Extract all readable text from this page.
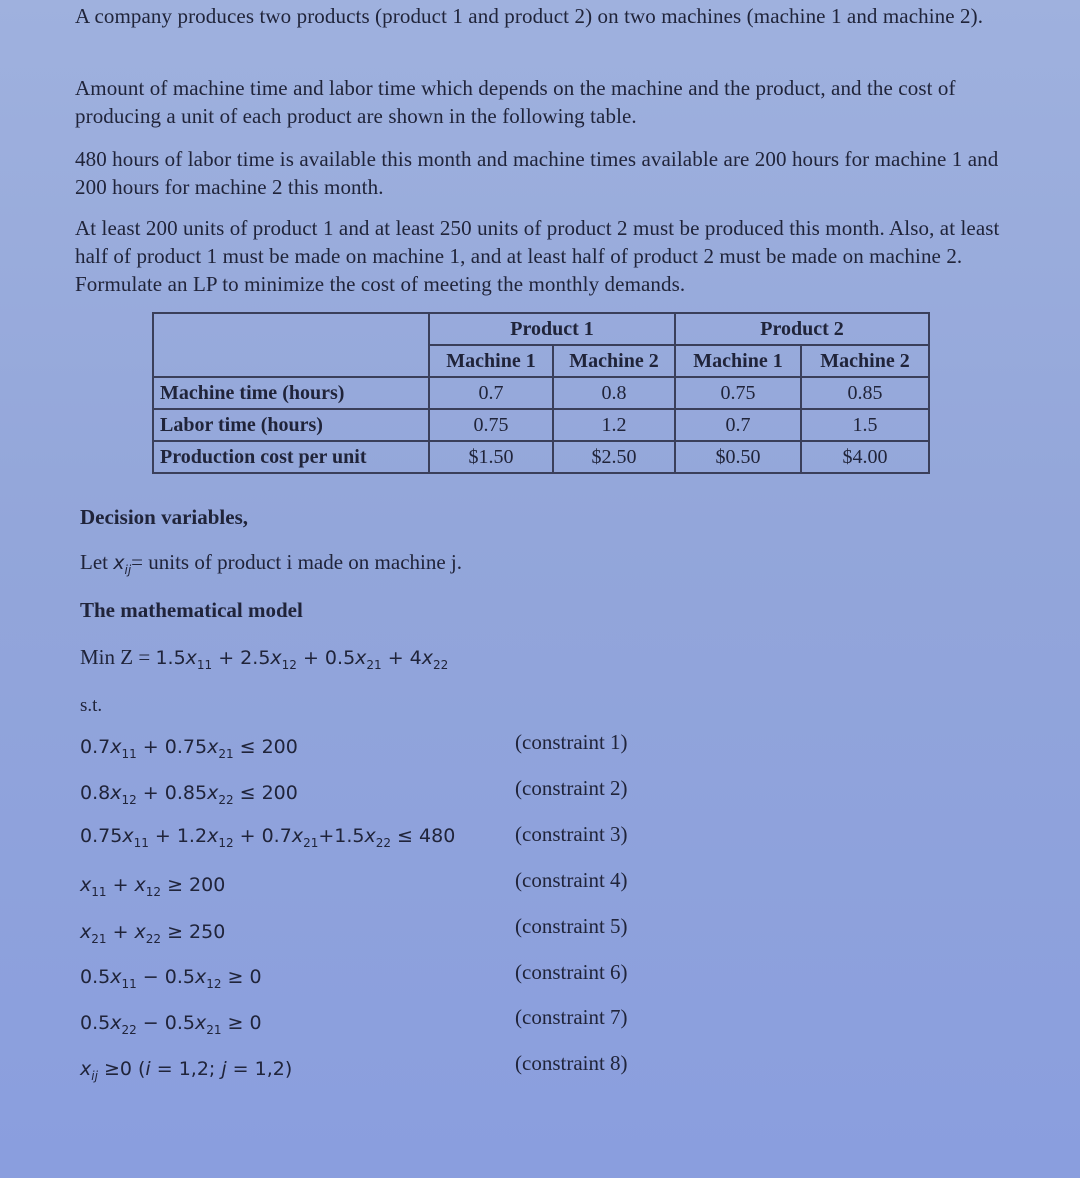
A company produces two products (product 1 and product 2) on two machines (machine 1 and machine 2).
Amount of machine time and labor time which depends on the machine and the product, and the cost of producing a unit of each product are shown in the following table.
480 hours of labor time is available this month and machine times available are 200 hours for machine 1 and 200 hours for machine 2 this month.
At least 200 units of product 1 and at least 250 units of product 2 must be produced this month. Also, at least half of product 1 must be made on machine 1, and at least half of product 2 must be made on machine 2. Formulate an LP to minimize the cost of meeting the monthly demands.
	Product 1		Product 2	
	Machine 1	Machine 2	Machine 1	Machine 2
Machine time (hours)	0.7	0.8	0.75	0.85
Labor time (hours)	0.75	1.2	0.7	1.5
Production cost per unit	$1.50	$2.50	$0.50	$4.00
Decision variables,
Let $x_{ij}=$ units of product i made on machine j.
The mathematical model
Min $Z = 1.5x_{11} + 2.5x_{12} + 0.5x_{21} + 4x_{22}$
s.t.
$0.7x_{11} + 0.75x_{21} \le 200$	(constraint 1)
$0.8x_{12} + 0.85x_{22} \le 200$	(constraint 2)
$0.75x_{11} + 1.2x_{12} + 0.7x_{21}+1.5x_{22} \le 480$	(constraint 3)
$x_{11} + x_{12} \ge 200$	(constraint 4)
$x_{21} + x_{22} \ge 250$	(constraint 5)
$0.5x_{11} - 0.5x_{12} \ge 0$	(constraint 6)
$0.5x_{22} - 0.5x_{21} \ge 0$	(constraint 7)
$x_{ij} \ge 0$ (i = 1,2; j = 1,2)	(constraint 8)
